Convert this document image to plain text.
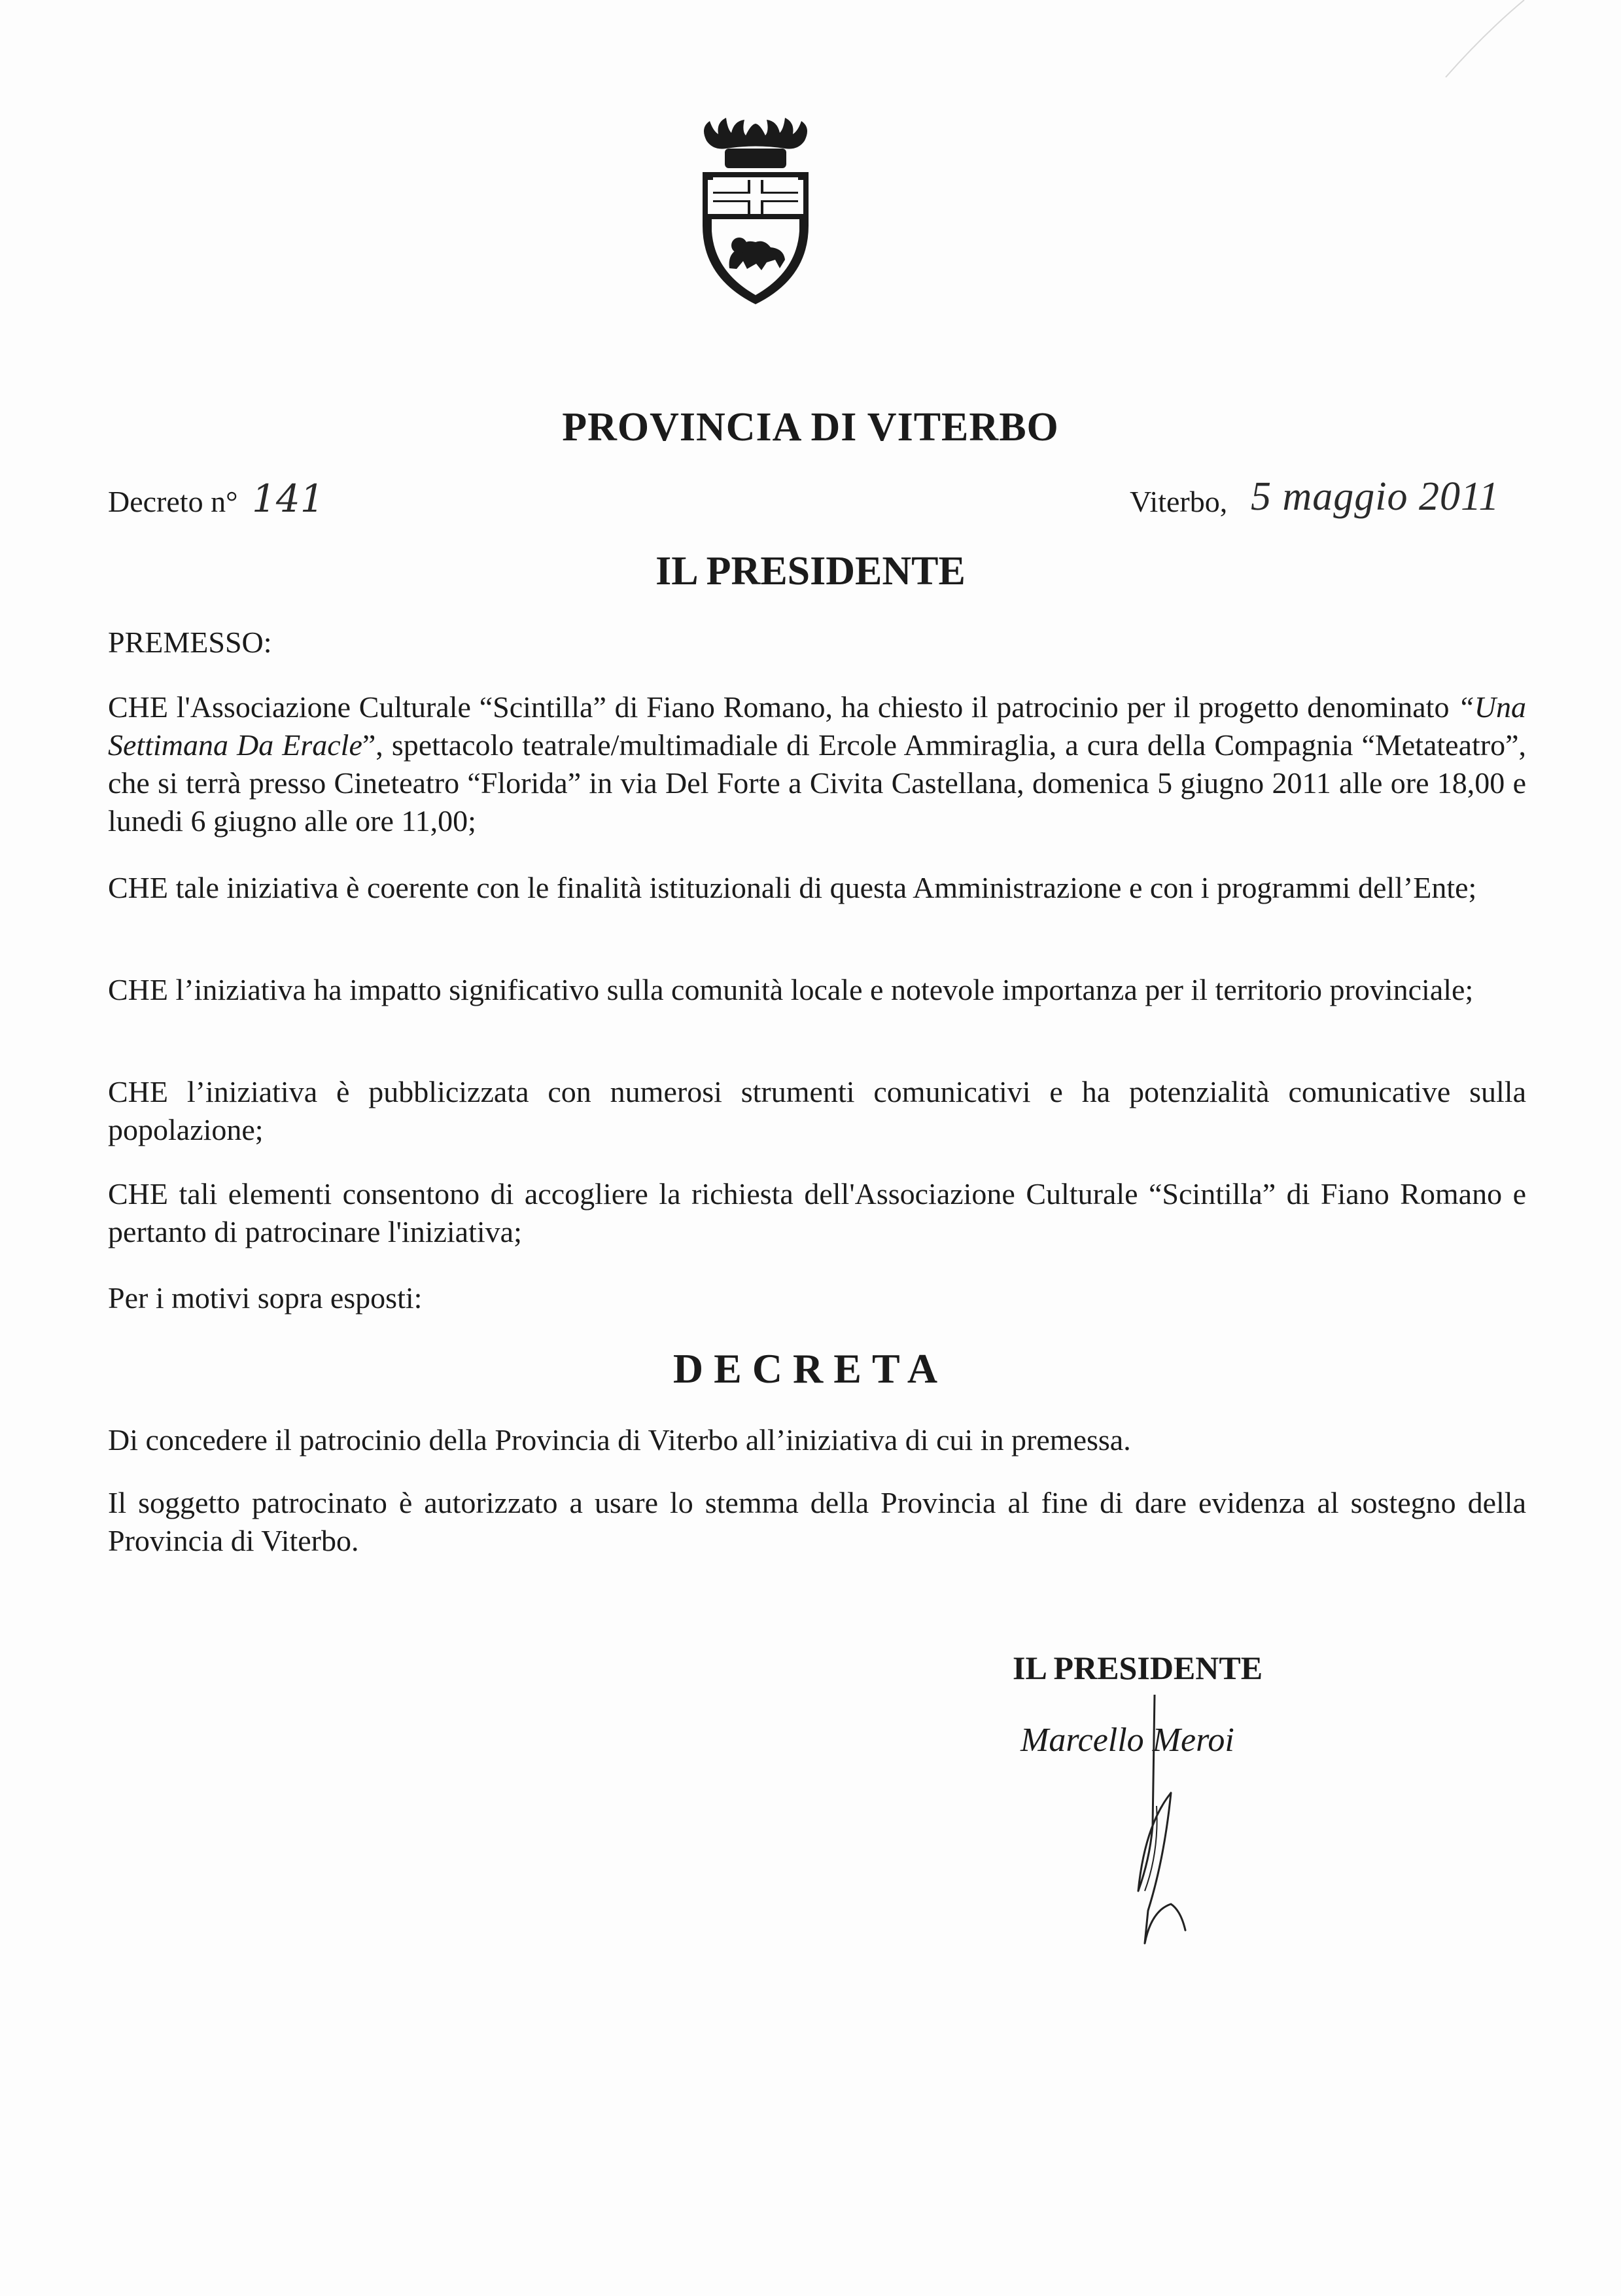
PROVINCIA DI VITERBO
Decreto n° 141	Viterbo, 5 maggio 2011
IL PRESIDENTE
PREMESSO:
CHE l'Associazione Culturale “Scintilla” di Fiano Romano, ha chiesto il patrocinio per il progetto denominato “Una Settimana Da Eracle”, spettacolo teatrale/multimadiale di Ercole Ammiraglia, a cura della Compagnia “Metateatro”, che si terrà presso Cineteatro “Florida” in via Del Forte a Civita Castellana, domenica 5 giugno 2011 alle ore 18,00 e lunedi 6 giugno alle ore 11,00;
CHE tale iniziativa è coerente con le finalità istituzionali di questa Amministrazione e con i programmi dell’Ente;
CHE l’iniziativa ha impatto significativo sulla comunità locale e notevole importanza per il territorio provinciale;
CHE l’iniziativa è pubblicizzata con numerosi strumenti comunicativi e ha potenzialità comunicative sulla popolazione;
CHE tali elementi consentono di accogliere la richiesta dell'Associazione Culturale “Scintilla” di Fiano Romano e pertanto di patrocinare l'iniziativa;
Per i motivi sopra esposti:
DECRETA
Di concedere il patrocinio della Provincia di Viterbo all’iniziativa di cui in premessa.
Il soggetto patrocinato è autorizzato a usare lo stemma della Provincia al fine di dare evidenza al sostegno della Provincia di Viterbo.
IL PRESIDENTE
Marcello Meroi
